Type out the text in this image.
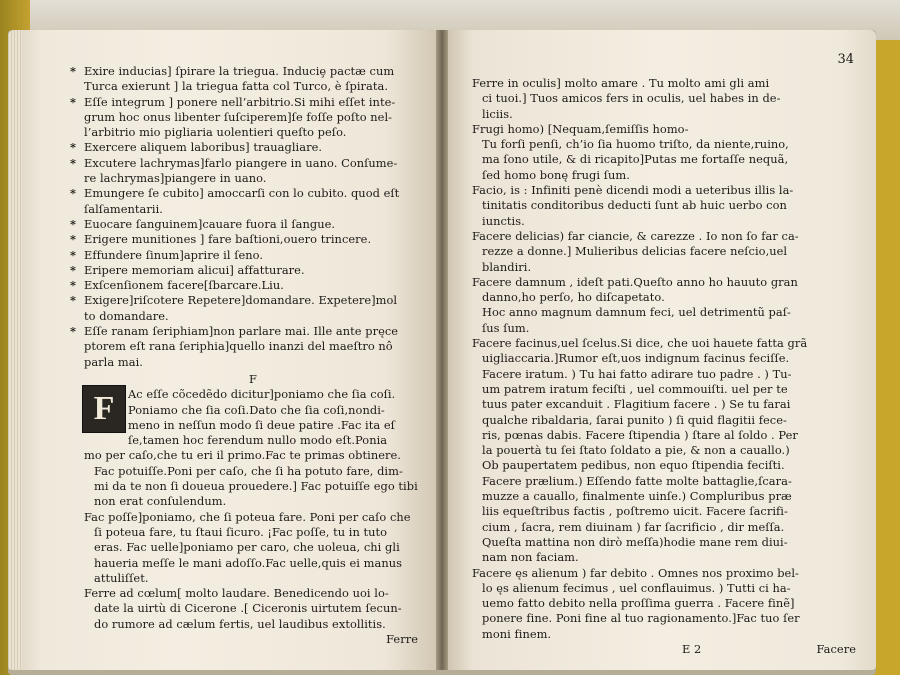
* Exire inducias] ſpirare la triegua. Induciȩ pactæ cum
Turca exierunt ] la triegua fatta col Turco, è ſpirata.
* Eſſe integrum ] ponere nell’arbitrio.Si mihi eſſet inte-
grum hoc onus libenter ſuſciperem]ſe foſſe poſto nel-
l’arbitrio mio pigliaria uolentieri queſto peſo.
* Exercere aliquem laboribus] trauagliare.
* Excutere lachrymas]farlo piangere in uano. Conſume-
re lachrymas]piangere in uano.
* Emungere ſe cubito] amoccarſi con lo cubito. quod eſt
ſalſamentarii.
* Euocare ſanguinem]cauare fuora il ſangue.
* Erigere munitiones ] fare baſtioni,ouero trincere.
* Effundere ſinum]aprire il ſeno.
* Eripere memoriam alicui] affatturare.
* Exſcenſionem facere[ſbarcare.Liu.
* Exigere]riſcotere Repetere]domandare. Expetere]mol
to domandare.
* Eſſe ranam ſeriphiam]non parlare mai. Ille ante pręce
ptorem eſt rana ſeriphia]quello inanzi del maeſtro nô
parla mai.
F
F	Ac eſſe cõcedẽdo dicitur]poniamo che ſia coſi.
Poniamo che ſia coſi.Dato che ſia coſi,nondi-
meno in neſſun modo ſi deue patire .Fac ita eſ
ſe,tamen hoc ferendum nullo modo eſt.Ponia
mo per caſo,che tu eri il primo.Fac te primas obtinere.
Fac potuiſſe.Poni per caſo, che ſi ha potuto fare, dim-
mi da te non ſi doueua prouedere.] Fac potuiſſe ego tibi
non erat conſulendum.
Fac poſſe]poniamo, che ſi poteua fare. Poni per caſo che
ſi poteua fare, tu ſtaui ſicuro. ¡Fac poſſe, tu in tuto
eras. Fac uelle]poniamo per caro, che uoleua, chi gli
haueria meſſe le mani adoſſo.Fac uelle,quis ei manus
attuliſſet.
Ferre ad cœlum[ molto laudare. Benedicendo uoi lo-
date la uirtù di Cicerone .[ Ciceronis uirtutem ſecun-
do rumore ad cælum fertis, uel laudibus extollitis.
Ferre
34
Ferre in oculis] molto amare . Tu molto ami gli ami
ci tuoi.] Tuos amicos fers in oculis, uel habes in de-
liciis.
Frugi homo) [Nequam,ſemiſſis homo-
Tu forſi penſi, ch’io ſia huomo triſto, da niente,ruino,
ma ſono utile, & di ricapito]Putas me fortaſſe nequã,
ſed homo bonę frugi ſum.
Facio, is : Infiniti penè dicendi modi a ueteribus illis la-
tinitatis conditoribus deducti ſunt ab huic uerbo con
iunctis.
Facere delicias) far ciancie, & carezze . Io non ſo far ca-
rezze a donne.] Mulieribus delicias facere neſcio,uel
blandiri.
Facere damnum , ideſt pati.Queſto anno ho hauuto gran
danno,ho perſo, ho diſcapetato.
Hoc anno magnum damnum feci, uel detrimentũ paſ-
ſus ſum.
Facere facinus,uel ſcelus.Si dice, che uoi hauete fatta grã
uigliaccaria.]Rumor eſt,uos indignum facinus feciſſe.
Facere iratum. ) Tu hai fatto adirare tuo padre . ) Tu-
um patrem iratum feciſti , uel commouiſti. uel per te
tuus pater excanduit . Flagitium facere . ) Se tu farai
qualche ribaldaria, ſarai punito ) ſi quid flagitii fece-
ris, pœnas dabis. Facere ſtipendia ) ſtare al ſoldo . Per
la pouertà tu ſei ſtato ſoldato a pie, & non a cauallo.)
Ob paupertatem pedibus, non equo ſtipendia feciſti.
Facere prælium.) Eſſendo fatte molte battaglie,ſcara-
muzze a cauallo, finalmente uinſe.) Compluribus præ
liis equeſtribus factis , poſtremo uicit. Facere ſacrifi-
cium , ſacra, rem diuinam ) far ſacrificio , dir meſſa.
Queſta mattina non dirò meſſa)hodie mane rem diui-
nam non faciam.
Facere ęs alienum ) far debito . Omnes nos proximo bel-
lo ęs alienum fecimus , uel conflauimus. ) Tutti ci ha-
uemo fatto debito nella proſſima guerra . Facere finẽ]
ponere fine. Poni fine al tuo ragionamento.]Fac tuo ſer
moni finem.

E 2	Facere
